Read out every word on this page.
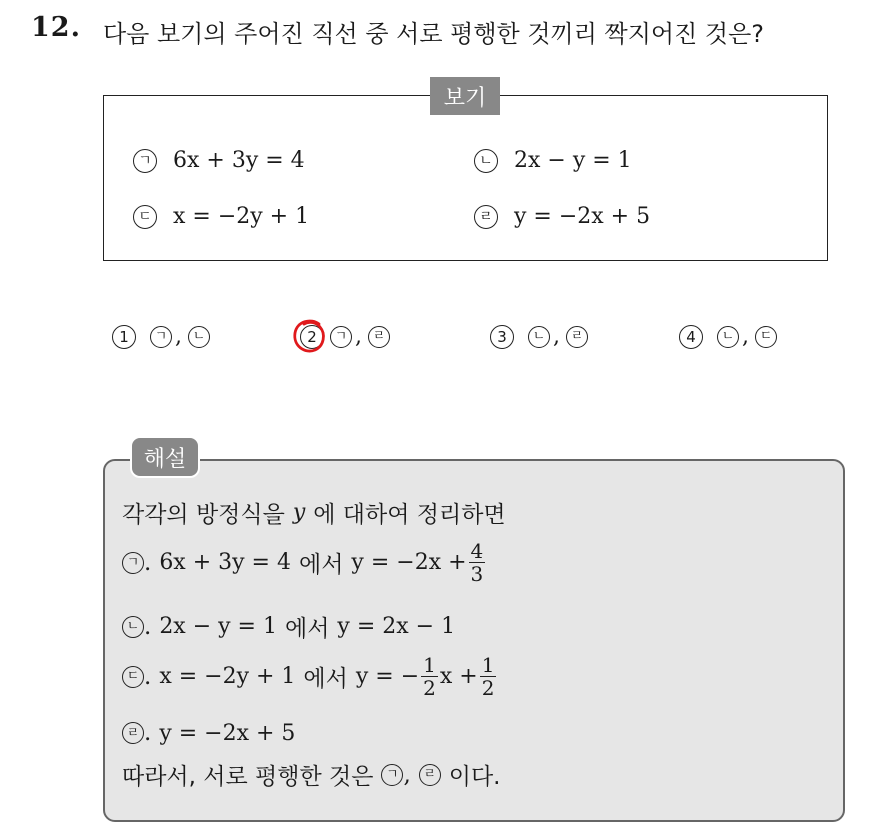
12. 다음 보기의 주어진 직선 중 서로 평행한 것끼리 짝지어진 것은?
보기
ㄱ 6x + 3y = 4	ㄴ 2x − y = 1
ㄷ x = −2y + 1	ㄹ y = −2x + 5
1	ㄱ , ㄴ	2	ㄱ , ㄹ	3	ㄴ , ㄹ	4	ㄴ , ㄷ
해설
각각의 방정식을 y 에 대하여 정리하면
ㄱ . 6x + 3y = 4 에서 $y = -2x + \frac{4}{3}$
ㄴ . 2x − y = 1 에서 y = 2x − 1
ㄷ . x = −2y + 1 에서 y = − $\frac{1}{2}$ $x + \frac{1}{2}$
ㄹ . y = −2x + 5
따라서, 서로 평행한 것은 ㄱ , ㄹ 이다.
